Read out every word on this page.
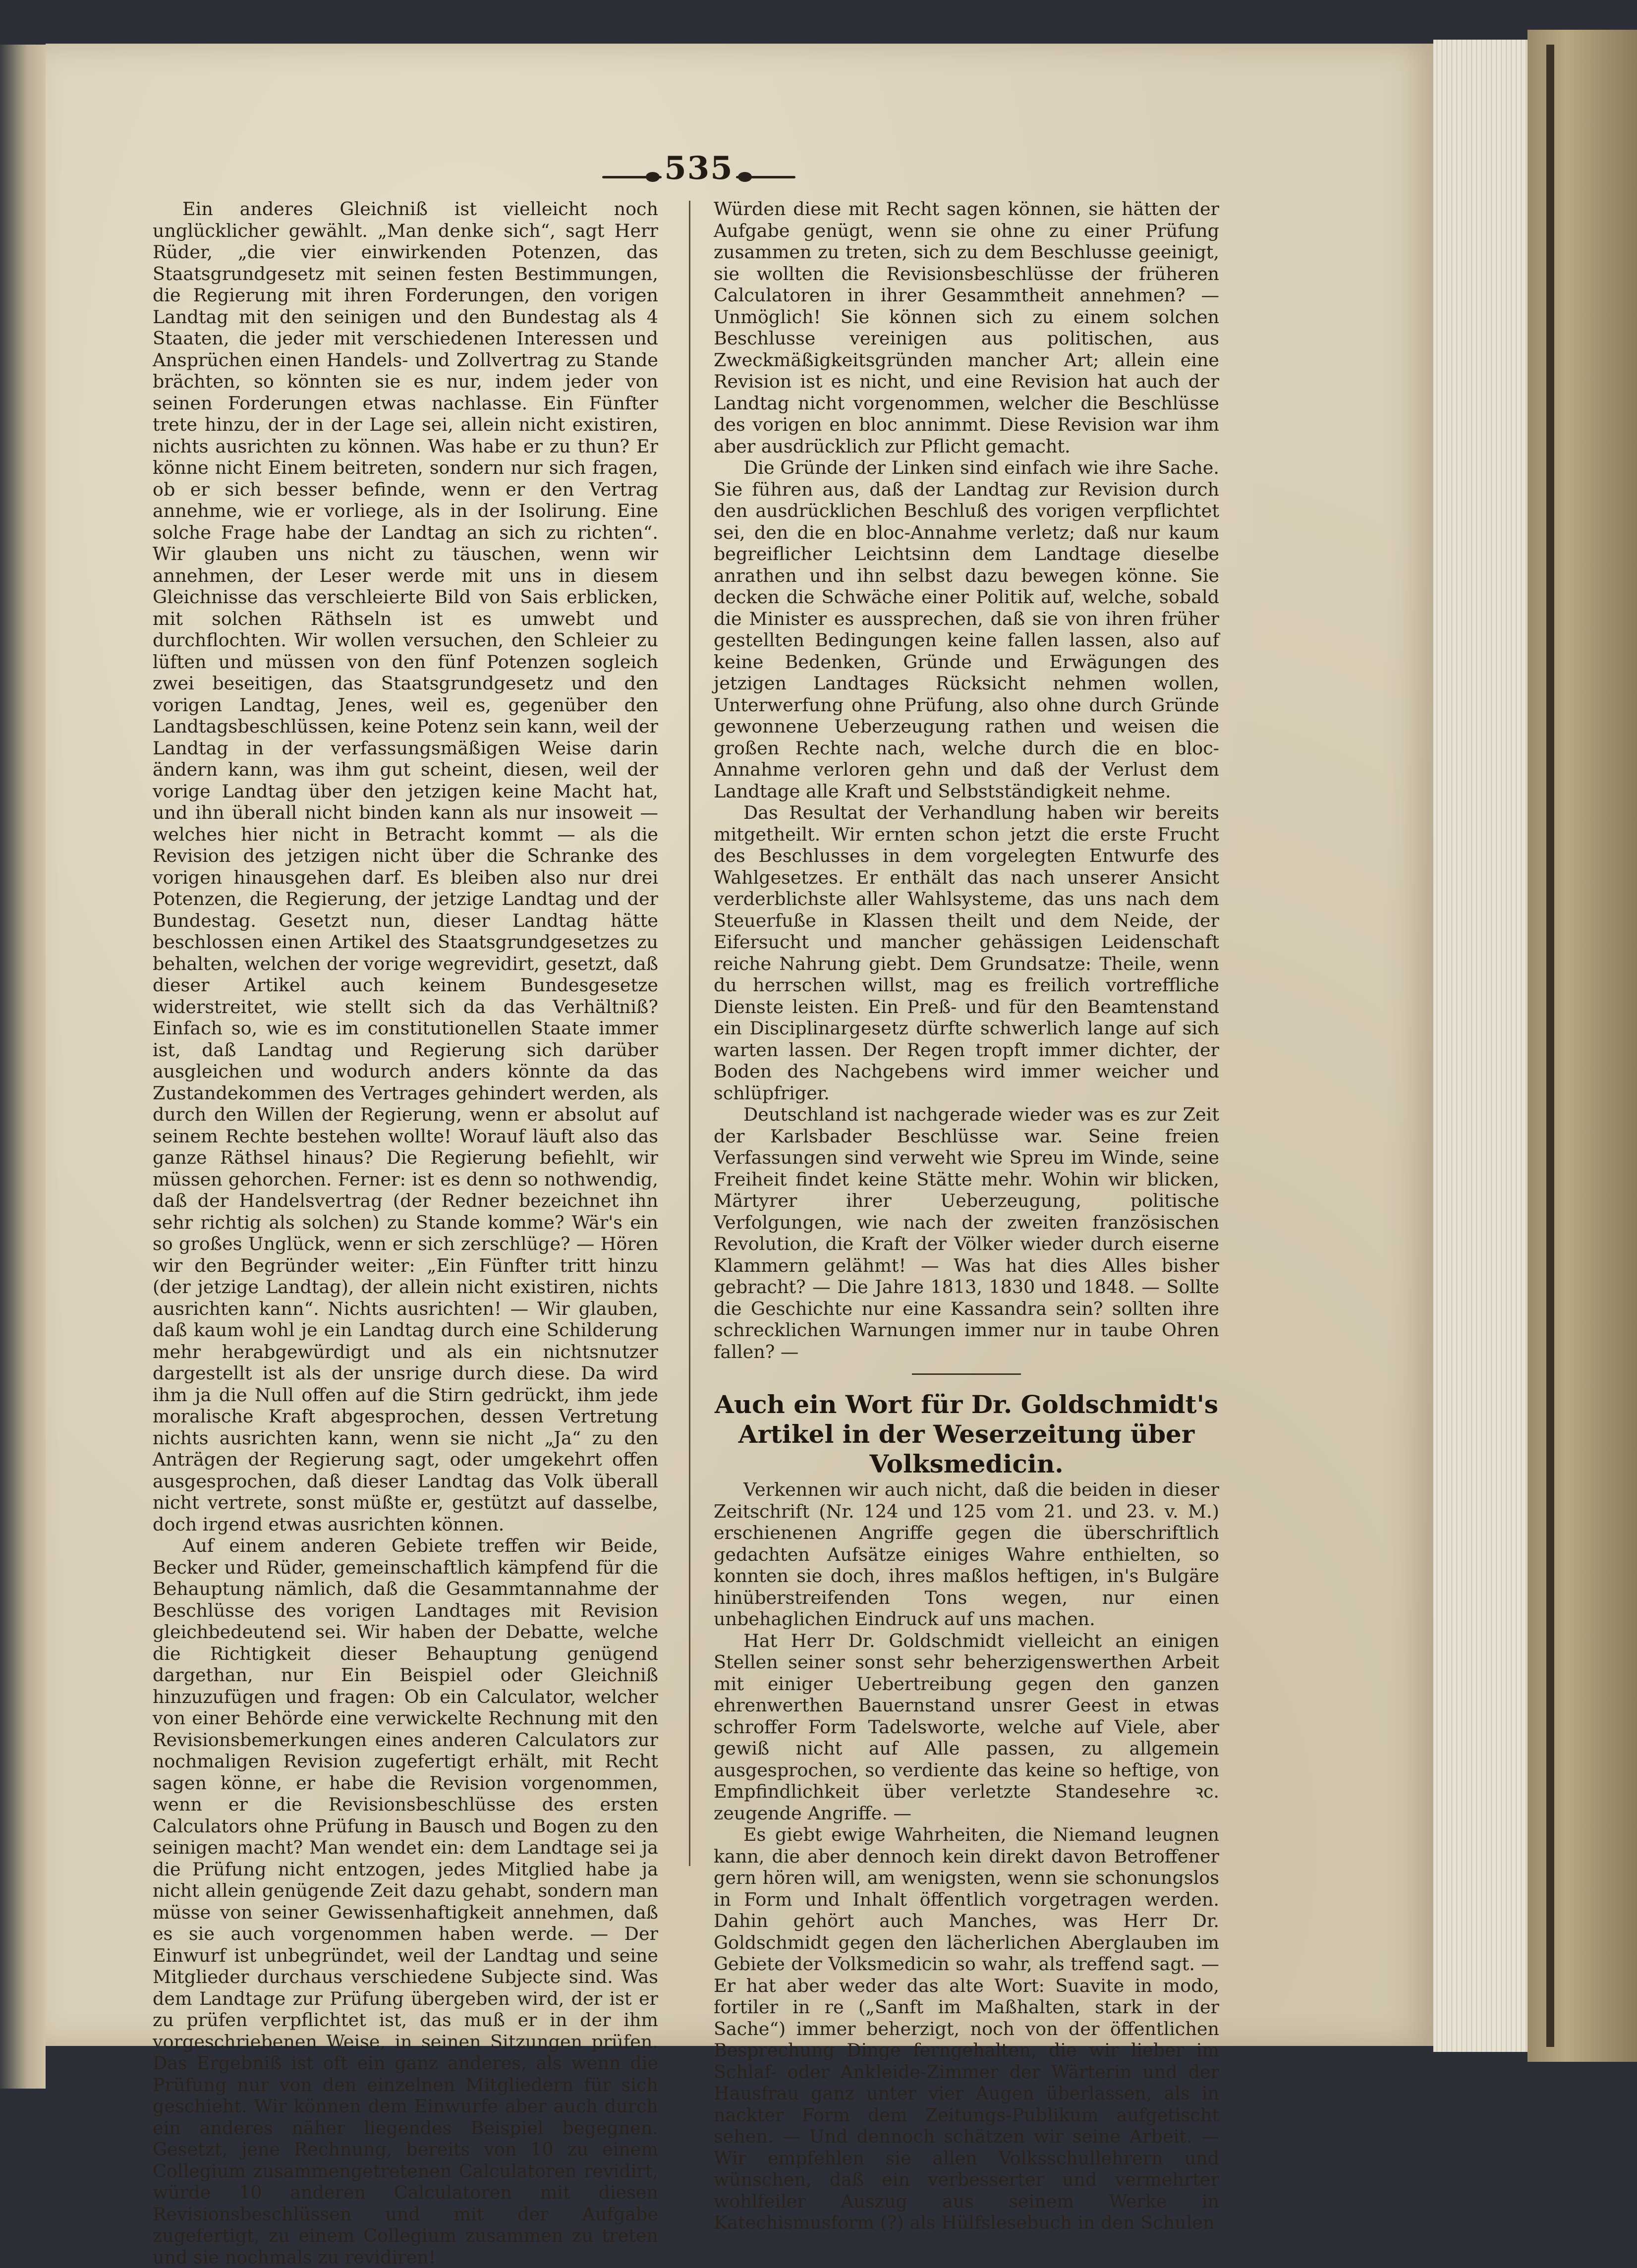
535

Ein anderes Gleichniß ist vielleicht noch unglücklicher gewählt. „Man denke sich“, sagt Herr Rüder, „die vier einwirkenden Potenzen, das Staatsgrundgesetz mit seinen festen Bestimmungen, die Regierung mit ihren Forderungen, den vorigen Landtag mit den seinigen und den Bundestag als 4 Staaten, die jeder mit verschiedenen Interessen und Ansprüchen einen Handels- und Zollvertrag zu Stande brächten, so könnten sie es nur, indem jeder von seinen Forderungen etwas nachlasse. Ein Fünfter trete hinzu, der in der Lage sei, allein nicht existiren, nichts ausrichten zu können. Was habe er zu thun? Er könne nicht Einem beitreten, sondern nur sich fragen, ob er sich besser befinde, wenn er den Vertrag annehme, wie er vorliege, als in der Isolirung. Eine solche Frage habe der Landtag an sich zu richten“. Wir glauben uns nicht zu täuschen, wenn wir annehmen, der Leser werde mit uns in diesem Gleichnisse das verschleierte Bild von Sais erblicken, mit solchen Räthseln ist es umwebt und durchflochten. Wir wollen versuchen, den Schleier zu lüften und müssen von den fünf Potenzen sogleich zwei beseitigen, das Staatsgrundgesetz und den vorigen Landtag, Jenes, weil es, gegenüber den Landtagsbeschlüssen, keine Potenz sein kann, weil der Landtag in der verfassungsmäßigen Weise darin ändern kann, was ihm gut scheint, diesen, weil der vorige Landtag über den jetzigen keine Macht hat, und ihn überall nicht binden kann als nur insoweit — welches hier nicht in Betracht kommt — als die Revision des jetzigen nicht über die Schranke des vorigen hinausgehen darf. Es bleiben also nur drei Potenzen, die Regierung, der jetzige Landtag und der Bundestag. Gesetzt nun, dieser Landtag hätte beschlossen einen Artikel des Staatsgrundgesetzes zu behalten, welchen der vorige wegrevidirt, gesetzt, daß dieser Artikel auch keinem Bundesgesetze widerstreitet, wie stellt sich da das Verhältniß? Einfach so, wie es im constitutionellen Staate immer ist, daß Landtag und Regierung sich darüber ausgleichen und wodurch anders könnte da das Zustandekommen des Vertrages gehindert werden, als durch den Willen der Regierung, wenn er absolut auf seinem Rechte bestehen wollte! Worauf läuft also das ganze Räthsel hinaus? Die Regierung befiehlt, wir müssen gehorchen. Ferner: ist es denn so nothwendig, daß der Handelsvertrag (der Redner bezeichnet ihn sehr richtig als solchen) zu Stande komme? Wär's ein so großes Unglück, wenn er sich zerschlüge? — Hören wir den Begründer weiter: „Ein Fünfter tritt hinzu (der jetzige Landtag), der allein nicht existiren, nichts ausrichten kann“. Nichts ausrichten! — Wir glauben, daß kaum wohl je ein Landtag durch eine Schilderung mehr herabgewürdigt und als ein nichtsnutzer dargestellt ist als der unsrige durch diese. Da wird ihm ja die Null offen auf die Stirn gedrückt, ihm jede moralische Kraft abgesprochen, dessen Vertretung nichts ausrichten kann, wenn sie nicht „Ja“ zu den Anträgen der Regierung sagt, oder umgekehrt offen ausgesprochen, daß dieser Landtag das Volk überall nicht vertrete, sonst müßte er, gestützt auf dasselbe, doch irgend etwas ausrichten können.

Auf einem anderen Gebiete treffen wir Beide, Becker und Rüder, gemeinschaftlich kämpfend für die Behauptung nämlich, daß die Gesammtannahme der Beschlüsse des vorigen Landtages mit Revision gleichbedeutend sei. Wir haben der Debatte, welche die Richtigkeit dieser Behauptung genügend dargethan, nur Ein Beispiel oder Gleichniß hinzuzufügen und fragen: Ob ein Calculator, welcher von einer Behörde eine verwickelte Rechnung mit den Revisionsbemerkungen eines anderen Calculators zur nochmaligen Revision zugefertigt erhält, mit Recht sagen könne, er habe die Revision vorgenommen, wenn er die Revisionsbeschlüsse des ersten Calculators ohne Prüfung in Bausch und Bogen zu den seinigen macht? Man wendet ein: dem Landtage sei ja die Prüfung nicht entzogen, jedes Mitglied habe ja nicht allein genügende Zeit dazu gehabt, sondern man müsse von seiner Gewissenhaftigkeit annehmen, daß es sie auch vorgenommen haben werde. — Der Einwurf ist unbegründet, weil der Landtag und seine Mitglieder durchaus verschiedene Subjecte sind. Was dem Landtage zur Prüfung übergeben wird, der ist er zu prüfen verpflichtet ist, das muß er in der ihm vorgeschriebenen Weise, in seinen Sitzungen prüfen. Das Ergebniß ist oft ein ganz anderes, als wenn die Prüfung nur von den einzelnen Mitgliedern für sich geschieht. Wir können dem Einwurfe aber auch durch ein anderes näher liegendes Beispiel begegnen. Gesetzt, jene Rechnung, bereits von 10 zu einem Collegium zusammengetretenen Calculatoren revidirt, würde 10 anderen Calculatoren mit diesen Revisionsbeschlüssen und mit der Aufgabe zugefertigt, zu einem Collegium zusammen zu treten und sie nochmals zu revidiren!

Würden diese mit Recht sagen können, sie hätten der Aufgabe genügt, wenn sie ohne zu einer Prüfung zusammen zu treten, sich zu dem Beschlusse geeinigt, sie wollten die Revisionsbeschlüsse der früheren Calculatoren in ihrer Gesammtheit annehmen? — Unmöglich! Sie können sich zu einem solchen Beschlusse vereinigen aus politischen, aus Zweckmäßigkeitsgründen mancher Art; allein eine Revision ist es nicht, und eine Revision hat auch der Landtag nicht vorgenommen, welcher die Beschlüsse des vorigen en bloc annimmt. Diese Revision war ihm aber ausdrücklich zur Pflicht gemacht.

Die Gründe der Linken sind einfach wie ihre Sache. Sie führen aus, daß der Landtag zur Revision durch den ausdrücklichen Beschluß des vorigen verpflichtet sei, den die en bloc-Annahme verletz; daß nur kaum begreiflicher Leichtsinn dem Landtage dieselbe anrathen und ihn selbst dazu bewegen könne. Sie decken die Schwäche einer Politik auf, welche, sobald die Minister es aussprechen, daß sie von ihren früher gestellten Bedingungen keine fallen lassen, also auf keine Bedenken, Gründe und Erwägungen des jetzigen Landtages Rücksicht nehmen wollen, Unterwerfung ohne Prüfung, also ohne durch Gründe gewonnene Ueberzeugung rathen und weisen die großen Rechte nach, welche durch die en bloc-Annahme verloren gehn und daß der Verlust dem Landtage alle Kraft und Selbstständigkeit nehme.

Das Resultat der Verhandlung haben wir bereits mitgetheilt. Wir ernten schon jetzt die erste Frucht des Beschlusses in dem vorgelegten Entwurfe des Wahlgesetzes. Er enthält das nach unserer Ansicht verderblichste aller Wahlsysteme, das uns nach dem Steuerfuße in Klassen theilt und dem Neide, der Eifersucht und mancher gehässigen Leidenschaft reiche Nahrung giebt. Dem Grundsatze: Theile, wenn du herrschen willst, mag es freilich vortreffliche Dienste leisten. Ein Preß- und für den Beamtenstand ein Disciplinargesetz dürfte schwerlich lange auf sich warten lassen. Der Regen tropft immer dichter, der Boden des Nachgebens wird immer weicher und schlüpfriger.

Deutschland ist nachgerade wieder was es zur Zeit der Karlsbader Beschlüsse war. Seine freien Verfassungen sind verweht wie Spreu im Winde, seine Freiheit findet keine Stätte mehr. Wohin wir blicken, Märtyrer ihrer Ueberzeugung, politische Verfolgungen, wie nach der zweiten französischen Revolution, die Kraft der Völker wieder durch eiserne Klammern gelähmt! — Was hat dies Alles bisher gebracht? — Die Jahre 1813, 1830 und 1848. — Sollte die Geschichte nur eine Kassandra sein? sollten ihre schrecklichen Warnungen immer nur in taube Ohren fallen? —

Auch ein Wort für Dr. Goldschmidt's Artikel in der Weserzeitung über Volksmedicin.

Verkennen wir auch nicht, daß die beiden in dieser Zeitschrift (Nr. 124 und 125 vom 21. und 23. v. M.) erschienenen Angriffe gegen die überschriftlich gedachten Aufsätze einiges Wahre enthielten, so konnten sie doch, ihres maßlos heftigen, in's Bulgäre hinüberstreifenden Tons wegen, nur einen unbehaglichen Eindruck auf uns machen.

Hat Herr Dr. Goldschmidt vielleicht an einigen Stellen seiner sonst sehr beherzigenswerthen Arbeit mit einiger Uebertreibung gegen den ganzen ehrenwerthen Bauernstand unsrer Geest in etwas schroffer Form Tadelsworte, welche auf Viele, aber gewiß nicht auf Alle passen, zu allgemein ausgesprochen, so verdiente das keine so heftige, von Empfindlichkeit über verletzte Standesehre ꝛc. zeugende Angriffe. —

Es giebt ewige Wahrheiten, die Niemand leugnen kann, die aber dennoch kein direkt davon Betroffener gern hören will, am wenigsten, wenn sie schonungslos in Form und Inhalt öffentlich vorgetragen werden. Dahin gehört auch Manches, was Herr Dr. Goldschmidt gegen den lächerlichen Aberglauben im Gebiete der Volksmedicin so wahr, als treffend sagt. — Er hat aber weder das alte Wort: Suavite in modo, fortiler in re („Sanft im Maßhalten, stark in der Sache“) immer beherzigt, noch von der öffentlichen Besprechung Dinge ferngehalten, die wir lieber im Schlaf- oder Ankleide-Zimmer der Wärterin und der Hausfrau ganz unter vier Augen überlassen, als in nackter Form dem Zeitungs-Publikum aufgetischt sehen. — Und dennoch schätzen wir seine Arbeit. — Wir empfehlen sie allen Volksschullehrern und wünschen, daß ein verbesserter und vermehrter wohlfeiler Auszug aus seinem Werke in Katechismusform (?) als Hülfslesebuch in den Schulen
